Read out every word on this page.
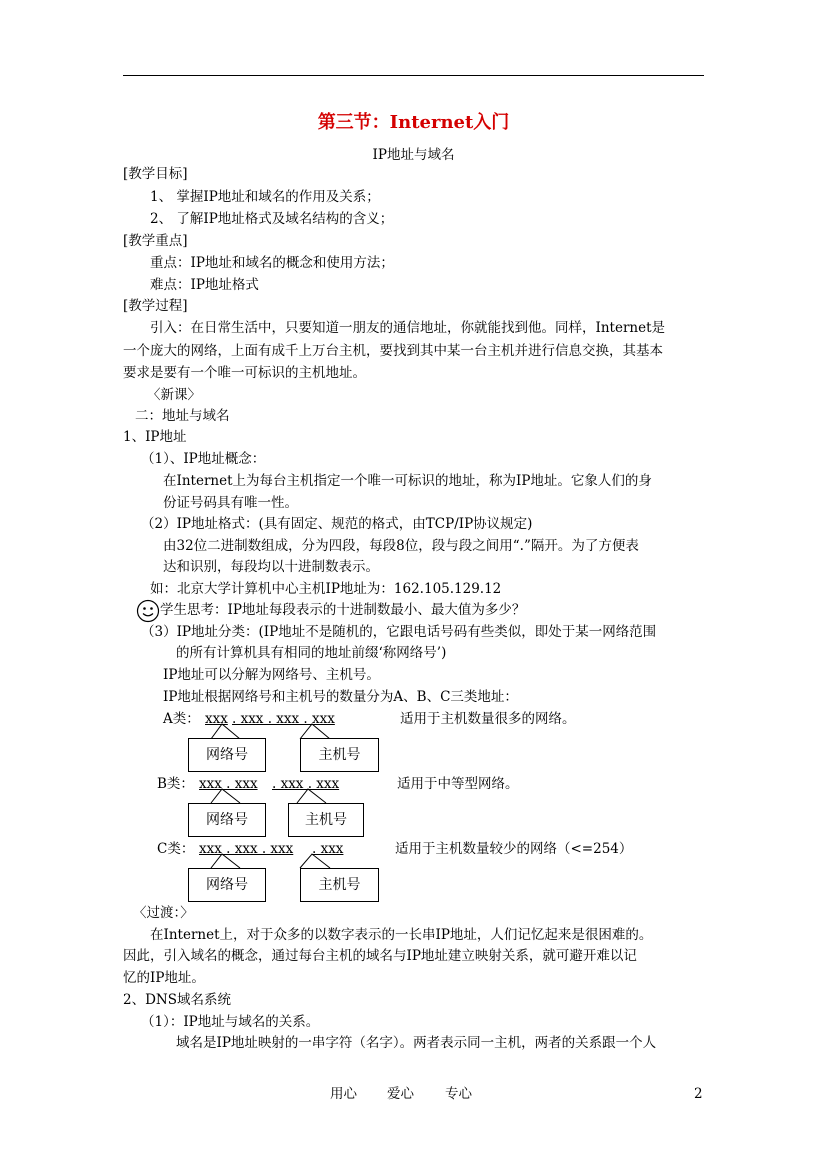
第三节：Internet入门
IP地址与域名
[教学目标]
1、 掌握IP地址和域名的作用及关系；
2、 了解IP地址格式及域名结构的含义；
[教学重点]
重点：IP地址和域名的概念和使用方法；
难点：IP地址格式
[教学过程]
引入：在日常生活中，只要知道一朋友的通信地址，你就能找到他。同样，Internet是
一个庞大的网络，上面有成千上万台主机，要找到其中某一台主机并进行信息交换，其基本
要求是要有一个唯一可标识的主机地址。
〈新课〉
二：地址与域名
1、IP地址
（1）、IP地址概念：
在Internet上为每台主机指定一个唯一可标识的地址，称为IP地址。它象人们的身
份证号码具有唯一性。
（2）IP地址格式：(具有固定、规范的格式，由TCP/IP协议规定)
由32位二进制数组成，分为四段，每段8位，段与段之间用“.”隔开。为了方便表
达和识别，每段均以十进制数表示。
如：北京大学计算机中心主机IP地址为：162.105.129.12
学生思考：IP地址每段表示的十进制数最小、最大值为多少？
（3）IP地址分类：(IP地址不是随机的，它跟电话号码有些类似，即处于某一网络范围
的所有计算机具有相同的地址前缀‘称网络号’)
IP地址可以分解为网络号、主机号。
IP地址根据网络号和主机号的数量分为A、B、C三类地址：
A类： xxx . xxx . xxx . xxx	适用于主机数量很多的网络。
网络号	主机号
B类： xxx . xxx . xxx . xxx	适用于中等型网络。
网络号	主机号
C类： xxx . xxx . xxx . xxx	适用于主机数量较少的网络（<=254）
网络号	主机号
〈过渡：〉
在Internet上，对于众多的以数字表示的一长串IP地址，人们记忆起来是很困难的。
因此，引入域名的概念，通过每台主机的域名与IP地址建立映射关系，就可避开难以记
忆的IP地址。
2、DNS域名系统
（1）：IP地址与域名的关系。
域名是IP地址映射的一串字符（名字）。两者表示同一主机，两者的关系跟一个人
用心 爱心 专心	2
